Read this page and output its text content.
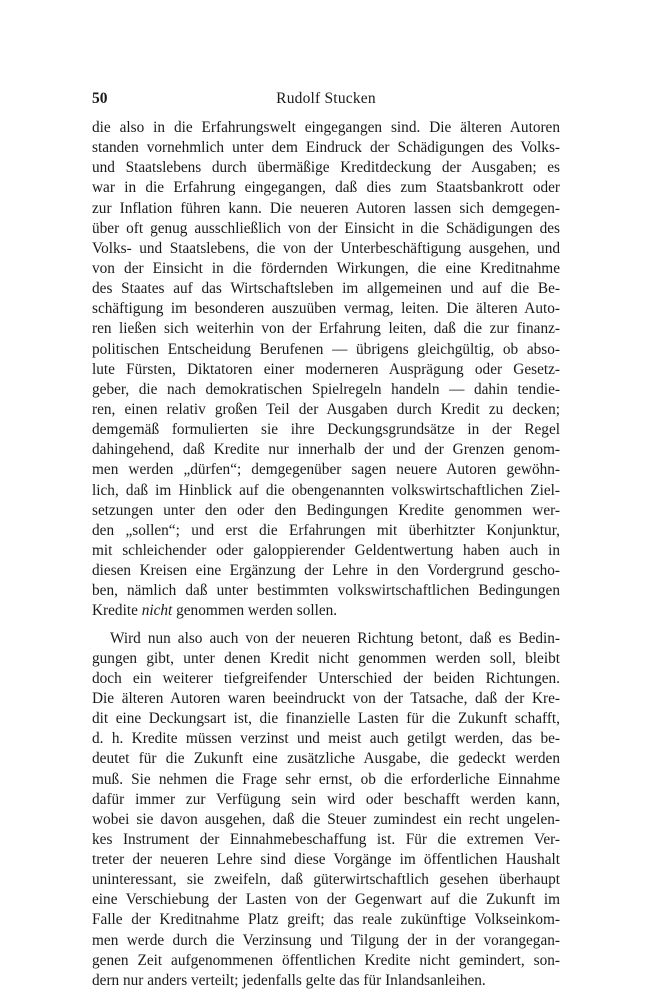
50	Rudolf Stucken
die also in die Erfahrungswelt eingegangen sind. Die älteren Autoren
standen vornehmlich unter dem Eindruck der Schädigungen des Volks-
und Staatslebens durch übermäßige Kreditdeckung der Ausgaben; es
war in die Erfahrung eingegangen, daß dies zum Staatsbankrott oder
zur Inflation führen kann. Die neueren Autoren lassen sich demgegen-
über oft genug ausschließlich von der Einsicht in die Schädigungen des
Volks- und Staatslebens, die von der Unterbeschäftigung ausgehen, und
von der Einsicht in die fördernden Wirkungen, die eine Kreditnahme
des Staates auf das Wirtschaftsleben im allgemeinen und auf die Be-
schäftigung im besonderen auszuüben vermag, leiten. Die älteren Auto-
ren ließen sich weiterhin von der Erfahrung leiten, daß die zur finanz-
politischen Entscheidung Berufenen — übrigens gleichgültig, ob abso-
lute Fürsten, Diktatoren einer moderneren Ausprägung oder Gesetz-
geber, die nach demokratischen Spielregeln handeln — dahin tendie-
ren, einen relativ großen Teil der Ausgaben durch Kredit zu decken;
demgemäß formulierten sie ihre Deckungsgrundsätze in der Regel
dahingehend, daß Kredite nur innerhalb der und der Grenzen genom-
men werden „dürfen“; demgegenüber sagen neuere Autoren gewöhn-
lich, daß im Hinblick auf die obengenannten volkswirtschaftlichen Ziel-
setzungen unter den oder den Bedingungen Kredite genommen wer-
den „sollen“; und erst die Erfahrungen mit überhitzter Konjunktur,
mit schleichender oder galoppierender Geldentwertung haben auch in
diesen Kreisen eine Ergänzung der Lehre in den Vordergrund gescho-
ben, nämlich daß unter bestimmten volkswirtschaftlichen Bedingungen
Kredite nicht genommen werden sollen.
Wird nun also auch von der neueren Richtung betont, daß es Bedin-
gungen gibt, unter denen Kredit nicht genommen werden soll, bleibt
doch ein weiterer tiefgreifender Unterschied der beiden Richtungen.
Die älteren Autoren waren beeindruckt von der Tatsache, daß der Kre-
dit eine Deckungsart ist, die finanzielle Lasten für die Zukunft schafft,
d. h. Kredite müssen verzinst und meist auch getilgt werden, das be-
deutet für die Zukunft eine zusätzliche Ausgabe, die gedeckt werden
muß. Sie nehmen die Frage sehr ernst, ob die erforderliche Einnahme
dafür immer zur Verfügung sein wird oder beschafft werden kann,
wobei sie davon ausgehen, daß die Steuer zumindest ein recht ungelen-
kes Instrument der Einnahmebeschaffung ist. Für die extremen Ver-
treter der neueren Lehre sind diese Vorgänge im öffentlichen Haushalt
uninteressant, sie zweifeln, daß güterwirtschaftlich gesehen überhaupt
eine Verschiebung der Lasten von der Gegenwart auf die Zukunft im
Falle der Kreditnahme Platz greift; das reale zukünftige Volkseinkom-
men werde durch die Verzinsung und Tilgung der in der vorangegan-
genen Zeit aufgenommenen öffentlichen Kredite nicht gemindert, son-
dern nur anders verteilt; jedenfalls gelte das für Inlandsanleihen.
